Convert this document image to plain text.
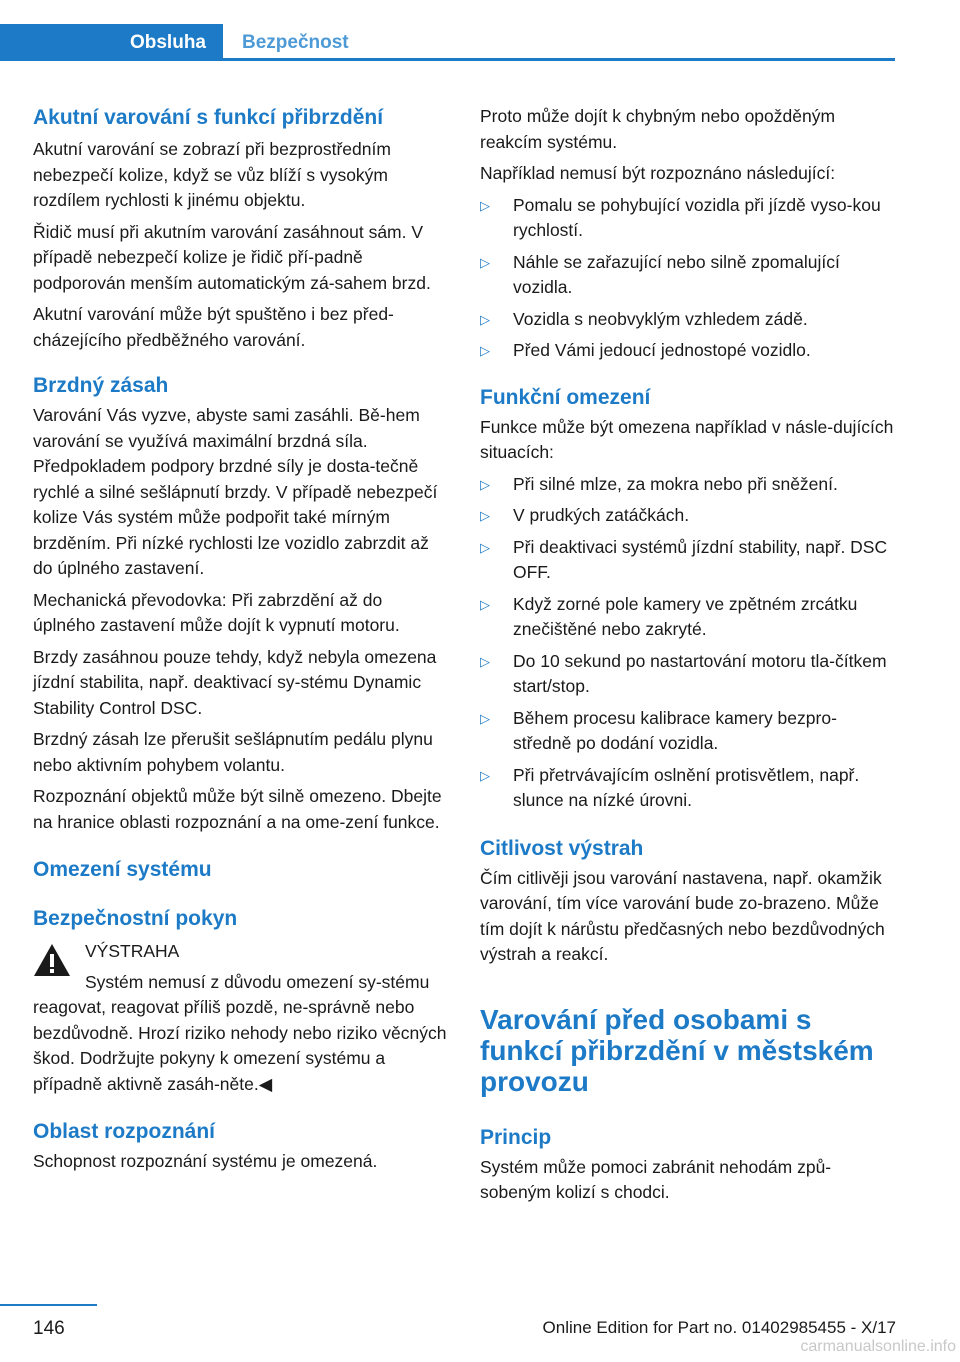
Obsluha	Bezpečnost
Akutní varování s funkcí přibrzdění

Akutní varování se zobrazí při bezprostředním nebezpečí kolize, když se vůz blíží s vysokým rozdílem rychlosti k jinému objektu.

Řidič musí při akutním varování zasáhnout sám. V případě nebezpečí kolize je řidič pří-padně podporován menším automatickým zá-sahem brzd.

Akutní varování může být spuštěno i bez před-cházejícího předběžného varování.

Brzdný zásah

Varování Vás vyzve, abyste sami zasáhli. Bě-hem varování se využívá maximální brzdná síla. Předpokladem podpory brzdné síly je dosta-tečně rychlé a silné sešlápnutí brzdy. V případě nebezpečí kolize Vás systém může podpořit také mírným brzděním. Při nízké rychlosti lze vozidlo zabrzdit až do úplného zastavení.

Mechanická převodovka: Při zabrzdění až do úplného zastavení může dojít k vypnutí motoru.

Brzdy zasáhnou pouze tehdy, když nebyla omezena jízdní stabilita, např. deaktivací sy-stému Dynamic Stability Control DSC.

Brzdný zásah lze přerušit sešlápnutím pedálu plynu nebo aktivním pohybem volantu.

Rozpoznání objektů může být silně omezeno. Dbejte na hranice oblasti rozpoznání a na ome-zení funkce.

Omezení systému
Bezpečnostní pokyn

VÝSTRAHA

Systém nemusí z důvodu omezení sy-stému reagovat, reagovat příliš pozdě, ne-správně nebo bezdůvodně. Hrozí riziko nehody nebo riziko věcných škod. Dodržujte pokyny k omezení systému a případně aktivně zasáh-něte.◀

Oblast rozpoznání

Schopnost rozpoznání systému je omezená.

Proto může dojít k chybným nebo opožděným reakcím systému.

Například nemusí být rozpoznáno následující:

▷ Pomalu se pohybující vozidla při jízdě vyso-kou rychlostí.
▷ Náhle se zařazující nebo silně zpomalující vozidla.
▷ Vozidla s neobvyklým vzhledem zádě.
▷ Před Vámi jedoucí jednostopé vozidlo.
Funkční omezení

Funkce může být omezena například v násle-dujících situacích:

▷ Při silné mlze, za mokra nebo při sněžení.
▷ V prudkých zatáčkách.
▷ Při deaktivaci systémů jízdní stability, např. DSC OFF.
▷ Když zorné pole kamery ve zpětném zrcátku znečištěné nebo zakryté.
▷ Do 10 sekund po nastartování motoru tla-čítkem start/stop.
▷ Během procesu kalibrace kamery bezpro-středně po dodání vozidla.
▷ Při přetrvávajícím oslnění protisvětlem, např. slunce na nízké úrovni.
Citlivost výstrah

Čím citlivěji jsou varování nastavena, např. okamžik varování, tím více varování bude zo-brazeno. Může tím dojít k nárůstu předčasných nebo bezdůvodných výstrah a reakcí.

Varování před osobami s funkcí přibrzdění v městském provozu
Princip

Systém může pomoci zabránit nehodám způ-sobeným kolizí s chodci.

146	Online Edition for Part no. 01402985455 - X/17
carmanualsonline.info
